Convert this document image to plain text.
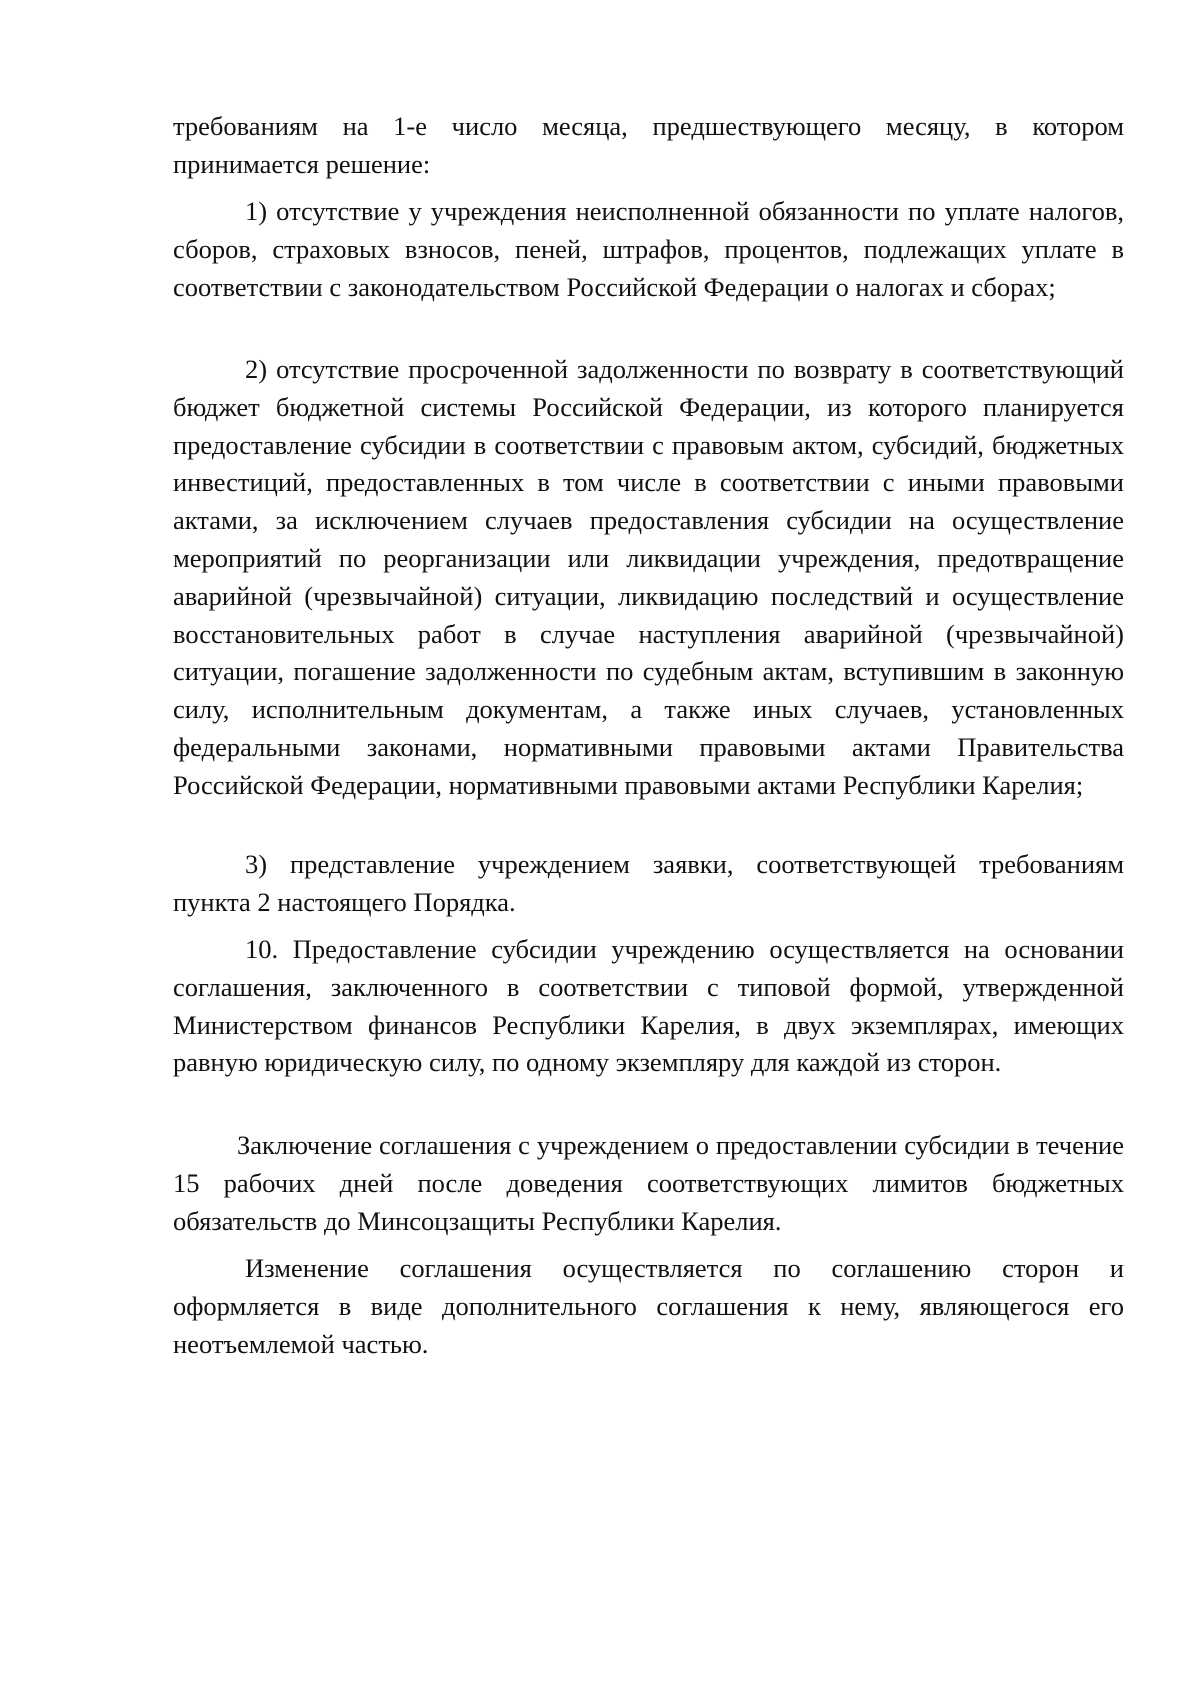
требованиям на 1-е число месяца, предшествующего месяцу, в котором принимается решение:

1) отсутствие у учреждения неисполненной обязанности по уплате налогов, сборов, страховых взносов, пеней, штрафов, процентов, подлежащих уплате в соответствии с законодательством Российской Федерации о налогах и сборах;

2) отсутствие просроченной задолженности по возврату в соответствующий бюджет бюджетной системы Российской Федерации, из которого планируется предоставление субсидии в соответствии с правовым актом, субсидий, бюджетных инвестиций, предоставленных в том числе в соответствии с иными правовыми актами, за исключением случаев предоставления субсидии на осуществление мероприятий по реорганизации или ликвидации учреждения, предотвращение аварийной (чрезвычайной) ситуации, ликвидацию последствий и осуществление восстановительных работ в случае наступления аварийной (чрезвычайной) ситуации, погашение задолженности по судебным актам, вступившим в законную силу, исполнительным документам, а также иных случаев, установленных федеральными законами, нормативными правовыми актами Правительства Российской Федерации, нормативными правовыми актами Республики Карелия;

3) представление учреждением заявки, соответствующей требованиям пункта 2 настоящего Порядка.

10. Предоставление субсидии учреждению осуществляется на основании соглашения, заключенного в соответствии с типовой формой, утвержденной Министерством финансов Республики Карелия, в двух экземплярах, имеющих равную юридическую силу, по одному экземпляру для каждой из сторон.

Заключение соглашения с учреждением о предоставлении субсидии в течение 15 рабочих дней после доведения соответствующих лимитов бюджетных обязательств до Минсоцзащиты Республики Карелия.

Изменение соглашения осуществляется по соглашению сторон и оформляется в виде дополнительного соглашения к нему, являющегося его неотъемлемой частью.
